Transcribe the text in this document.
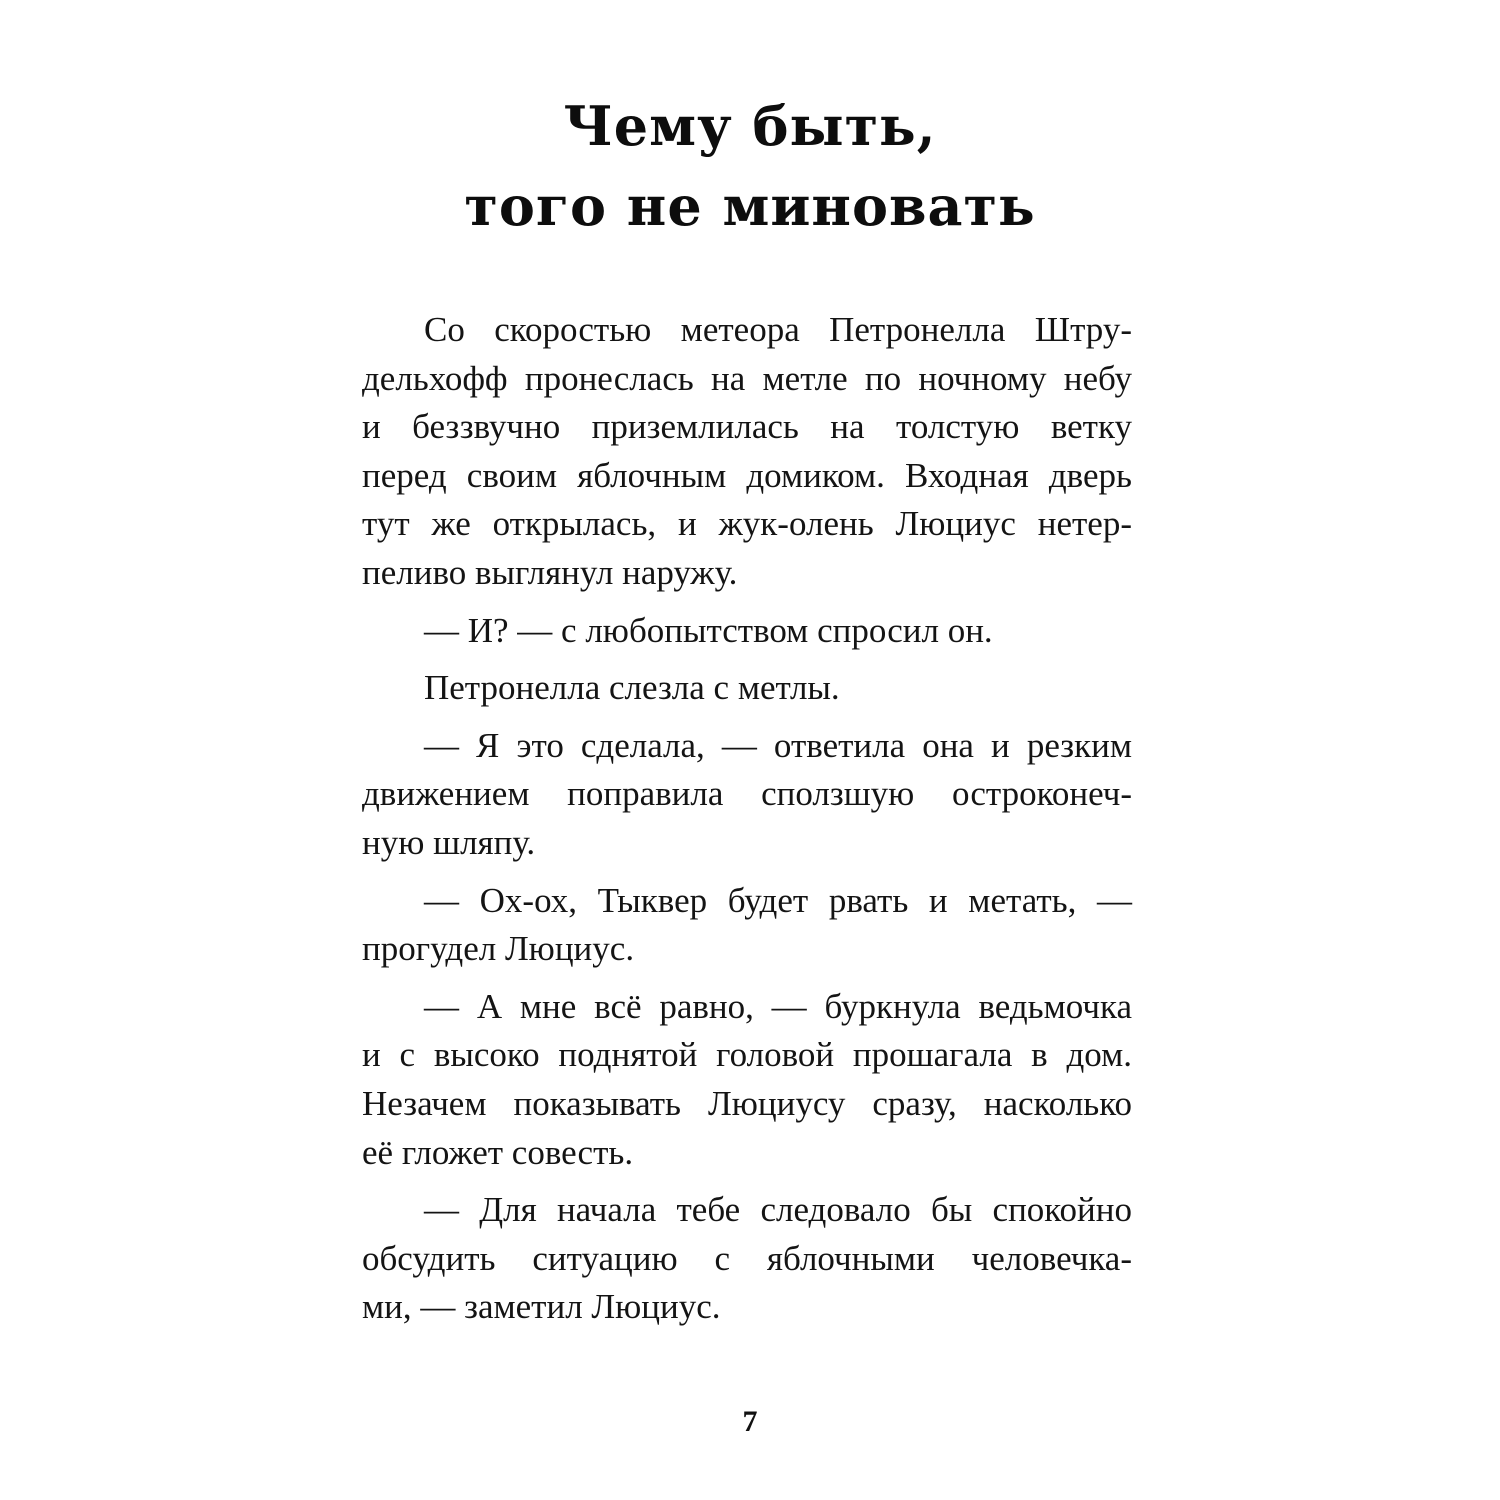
Чему быть,
того не миновать
Со скоростью метеора Петронелла Штру-
дельхофф пронеслась на метле по ночному небу
и беззвучно приземлилась на толстую ветку
перед своим яблочным домиком. Входная дверь
тут же открылась, и жук-олень Люциус нетер-
пеливо выглянул наружу.
— И? — с любопытством спросил он.
Петронелла слезла с метлы.
— Я это сделала, — ответила она и резким
движением поправила сползшую остроконеч-
ную шляпу.
— Ох-ох, Тыквер будет рвать и метать, —
прогудел Люциус.
— А мне всё равно, — буркнула ведьмочка
и с высоко поднятой головой прошагала в дом.
Незачем показывать Люциусу сразу, насколько
её гложет совесть.
— Для начала тебе следовало бы спокойно
обсудить ситуацию с яблочными человечка-
ми, — заметил Люциус.
7
